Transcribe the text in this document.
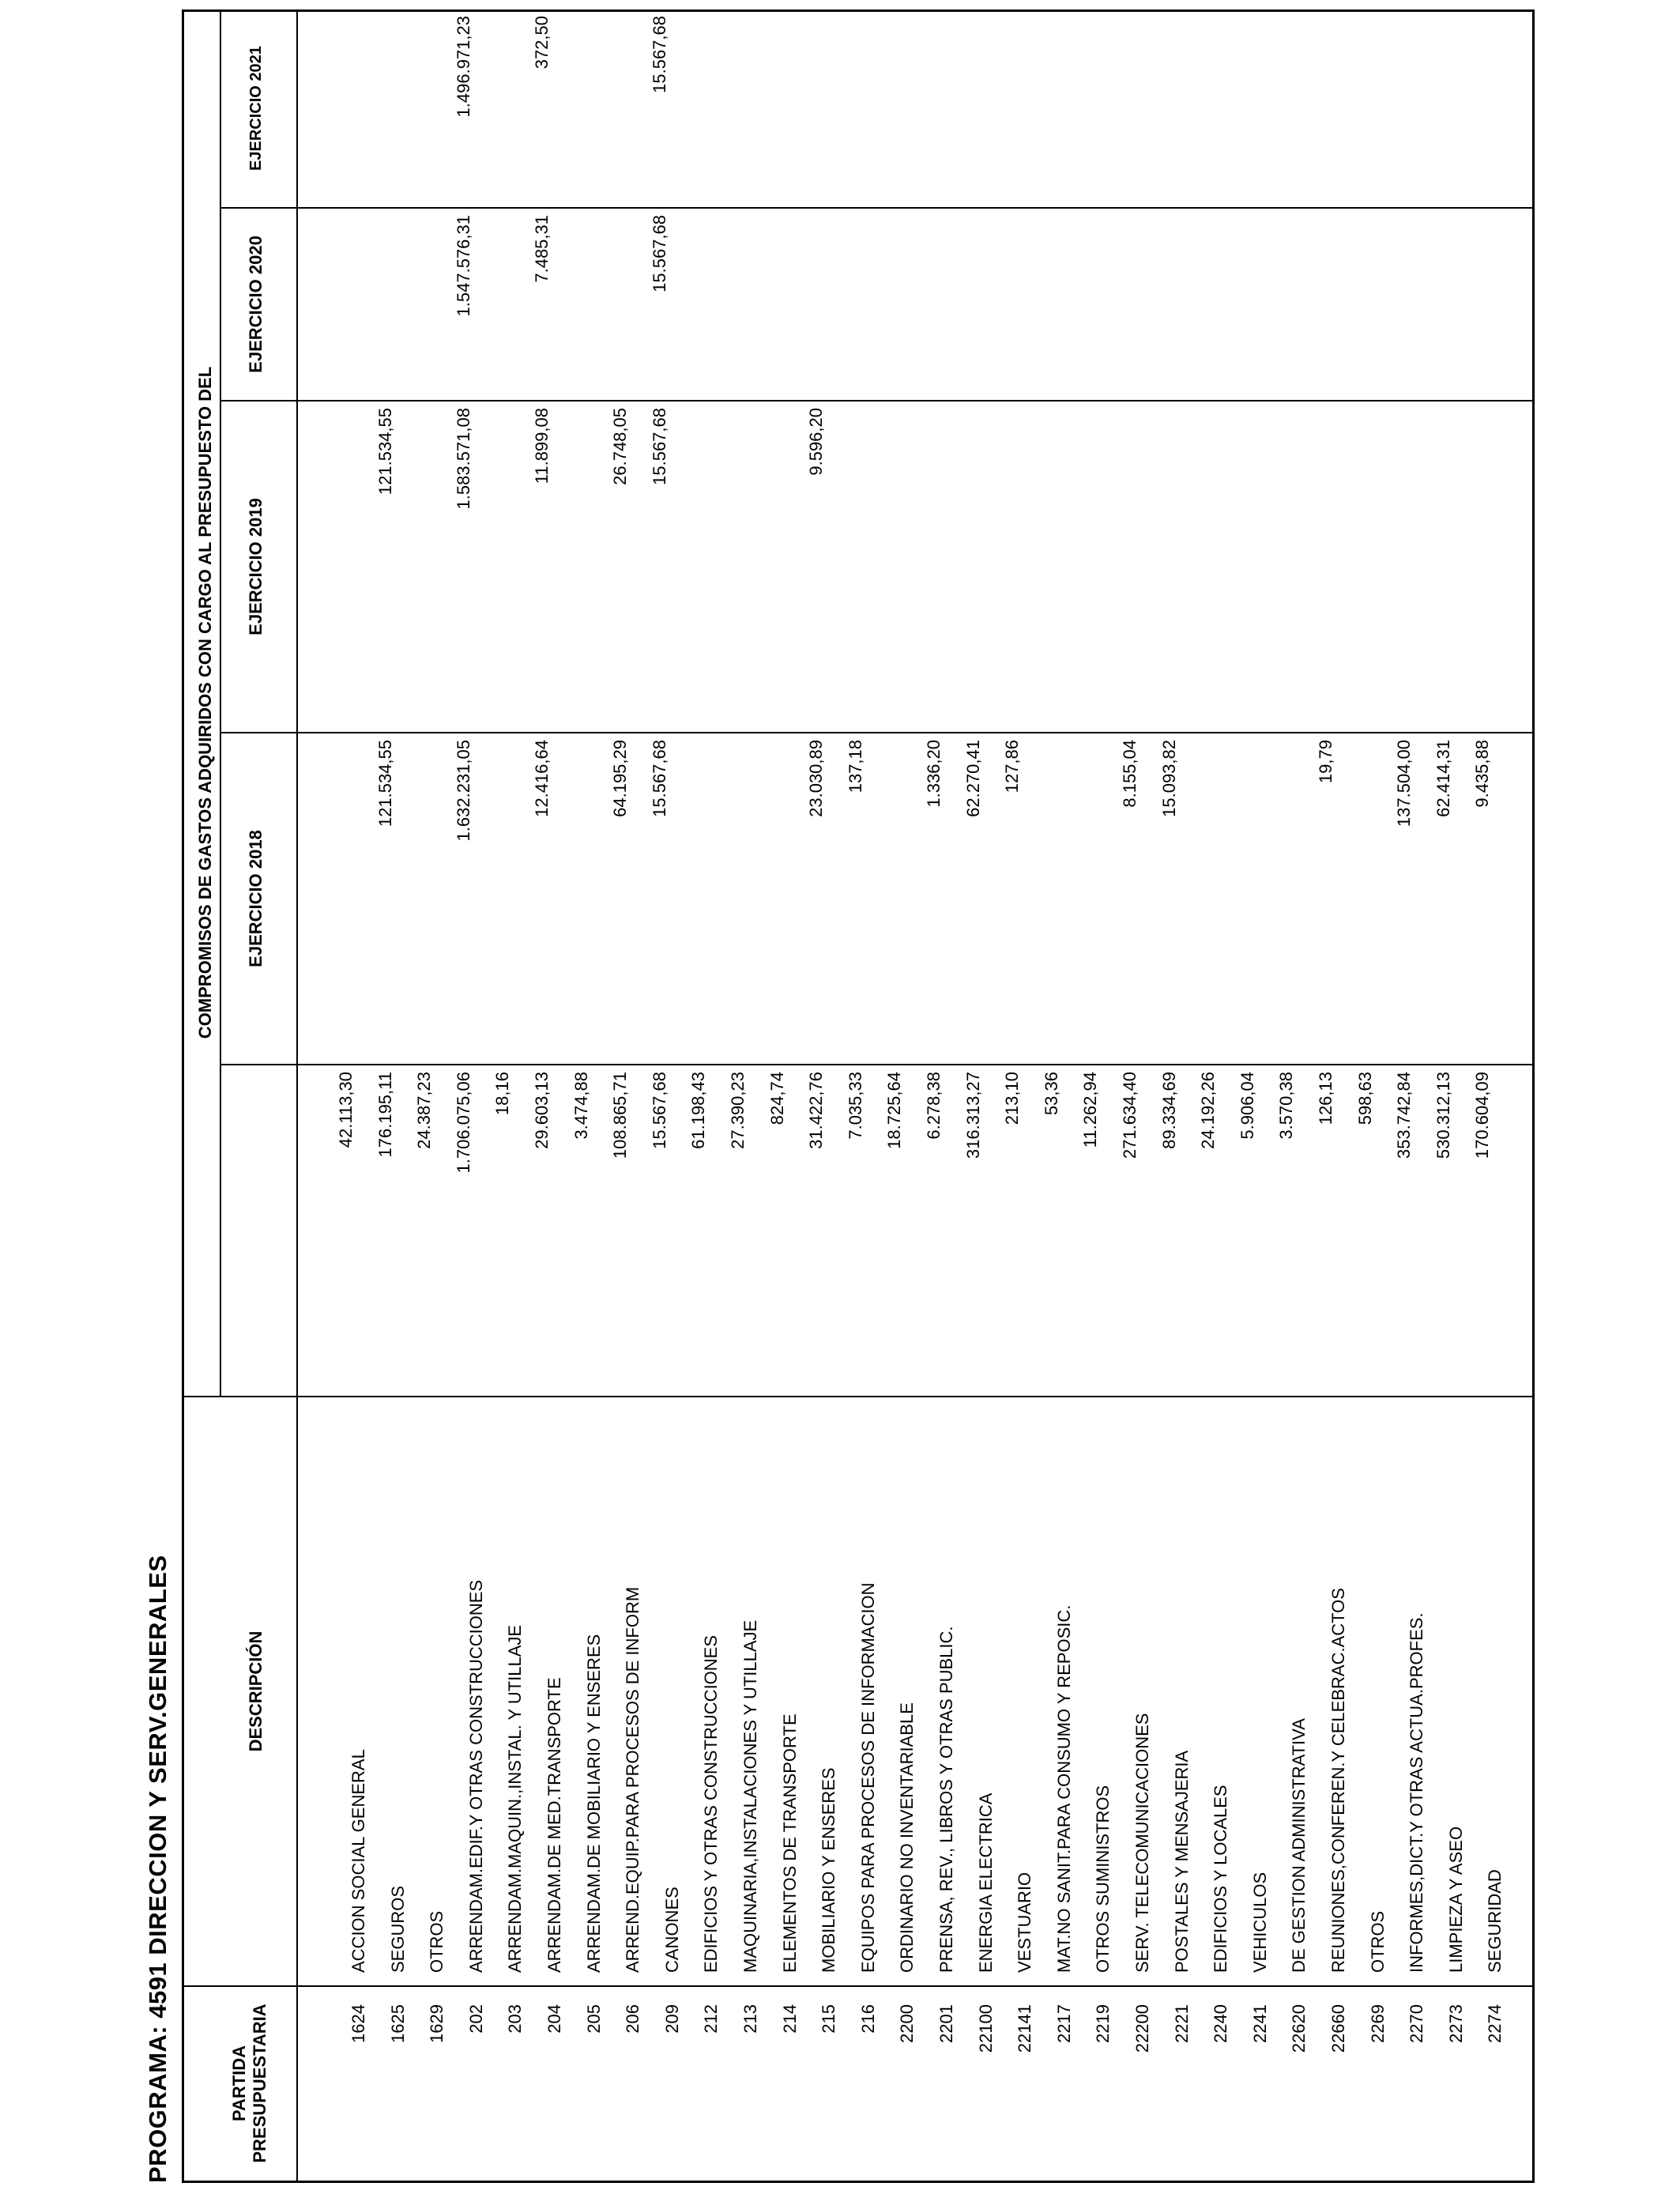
PROGRAMA: 4591 DIRECCION Y SERV.GENERALES	PARTIDA
PRESUPUESTARIA
DESCRIPCIÓN
COMPROMISOS DE GASTOS ADQUIRIDOS CON CARGO AL PRESUPUESTO DEL EJERCICIO 2018
EJERCICIO 2019
EJERCICIO 2020
EJERCICIO 2021
1624
ACCION SOCIAL GENERAL
42.113,30
1625
SEGUROS
176.195,11
121.534,55
121.534,55
1629
OTROS
24.387,23
202
ARRENDAM.EDIF.Y OTRAS CONSTRUCCIONES
1.706.075,06
1.632.231,05
1.583.571,08
1.547.576,31
1.496.971,23
203
ARRENDAM.MAQUIN.,INSTAL. Y UTILLAJE
18,16
204
ARRENDAM.DE MED.TRANSPORTE
29.603,13
12.416,64
11.899,08
7.485,31
372,50
205
ARRENDAM.DE MOBILIARIO Y ENSERES
3.474,88
206
ARREND.EQUIP.PARA PROCESOS DE INFORM
108.865,71
64.195,29
26.748,05
209
CANONES
15.567,68
15.567,68
15.567,68
15.567,68
15.567,68
212
EDIFICIOS Y OTRAS CONSTRUCCIONES
61.198,43
213
MAQUINARIA,INSTALACIONES Y UTILLAJE
27.390,23
214
ELEMENTOS DE TRANSPORTE
824,74
215
MOBILIARIO Y ENSERES
31.422,76
23.030,89
9.596,20
216
EQUIPOS PARA PROCESOS DE INFORMACION
7.035,33
137,18
2200
ORDINARIO NO INVENTARIABLE
18.725,64
2201
PRENSA, REV., LIBROS Y OTRAS PUBLIC.
6.278,38
1.336,20
22100
ENERGIA ELECTRICA
316.313,27
62.270,41
22141
VESTUARIO
213,10
127,86
2217
MAT.NO SANIT.PARA CONSUMO Y REPOSIC.
53,36
2219
OTROS SUMINISTROS
11.262,94
22200
SERV. TELECOMUNICACIONES
271.634,40
8.155,04
2221
POSTALES Y MENSAJERIA
89.334,69
15.093,82
2240
EDIFICIOS Y LOCALES
24.192,26
2241
VEHICULOS
5.906,04
22620
DE GESTION ADMINISTRATIVA
3.570,38
22660
REUNIONES,CONFEREN.Y CELEBRAC.ACTOS
126,13
19,79
2269
OTROS
598,63
2270
INFORMES,DICT.Y OTRAS ACTUA.PROFES.
353.742,84
137.504,00
2273
LIMPIEZA Y ASEO
530.312,13
62.414,31
2274
SEGURIDAD
170.604,09
9.435,88
